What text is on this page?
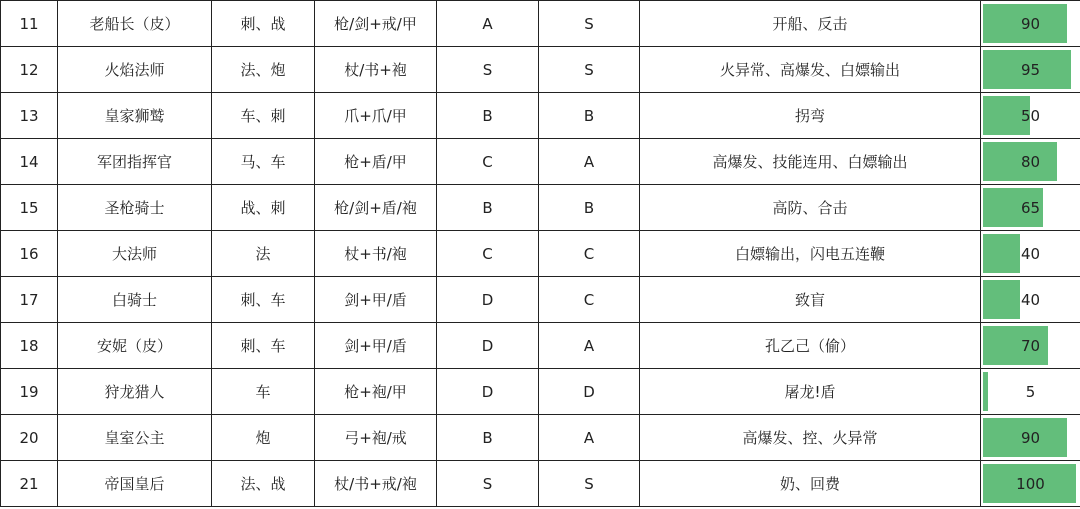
11	老船长（皮）	刺、战	枪/剑+戒/甲	A	S	开船、反击	90
12	火焰法师	法、炮	杖/书+袍	S	S	火异常、高爆发、白嫖输出	95
13	皇家狮鹫	车、刺	爪+爪/甲	B	B	拐弯	50
14	军团指挥官	马、车	枪+盾/甲	C	A	高爆发、技能连用、白嫖输出	80
15	圣枪骑士	战、刺	枪/剑+盾/袍	B	B	高防、合击	65
16	大法师	法	杖+书/袍	C	C	白嫖输出，闪电五连鞭	40
17	白骑士	刺、车	剑+甲/盾	D	C	致盲	40
18	安妮（皮）	刺、车	剑+甲/盾	D	A	孔乙己（偷）	70
19	狩龙猎人	车	枪+袍/甲	D	D	屠龙!盾	5
20	皇室公主	炮	弓+袍/戒	B	A	高爆发、控、火异常	90
21	帝国皇后	法、战	杖/书+戒/袍	S	S	奶、回费	100
